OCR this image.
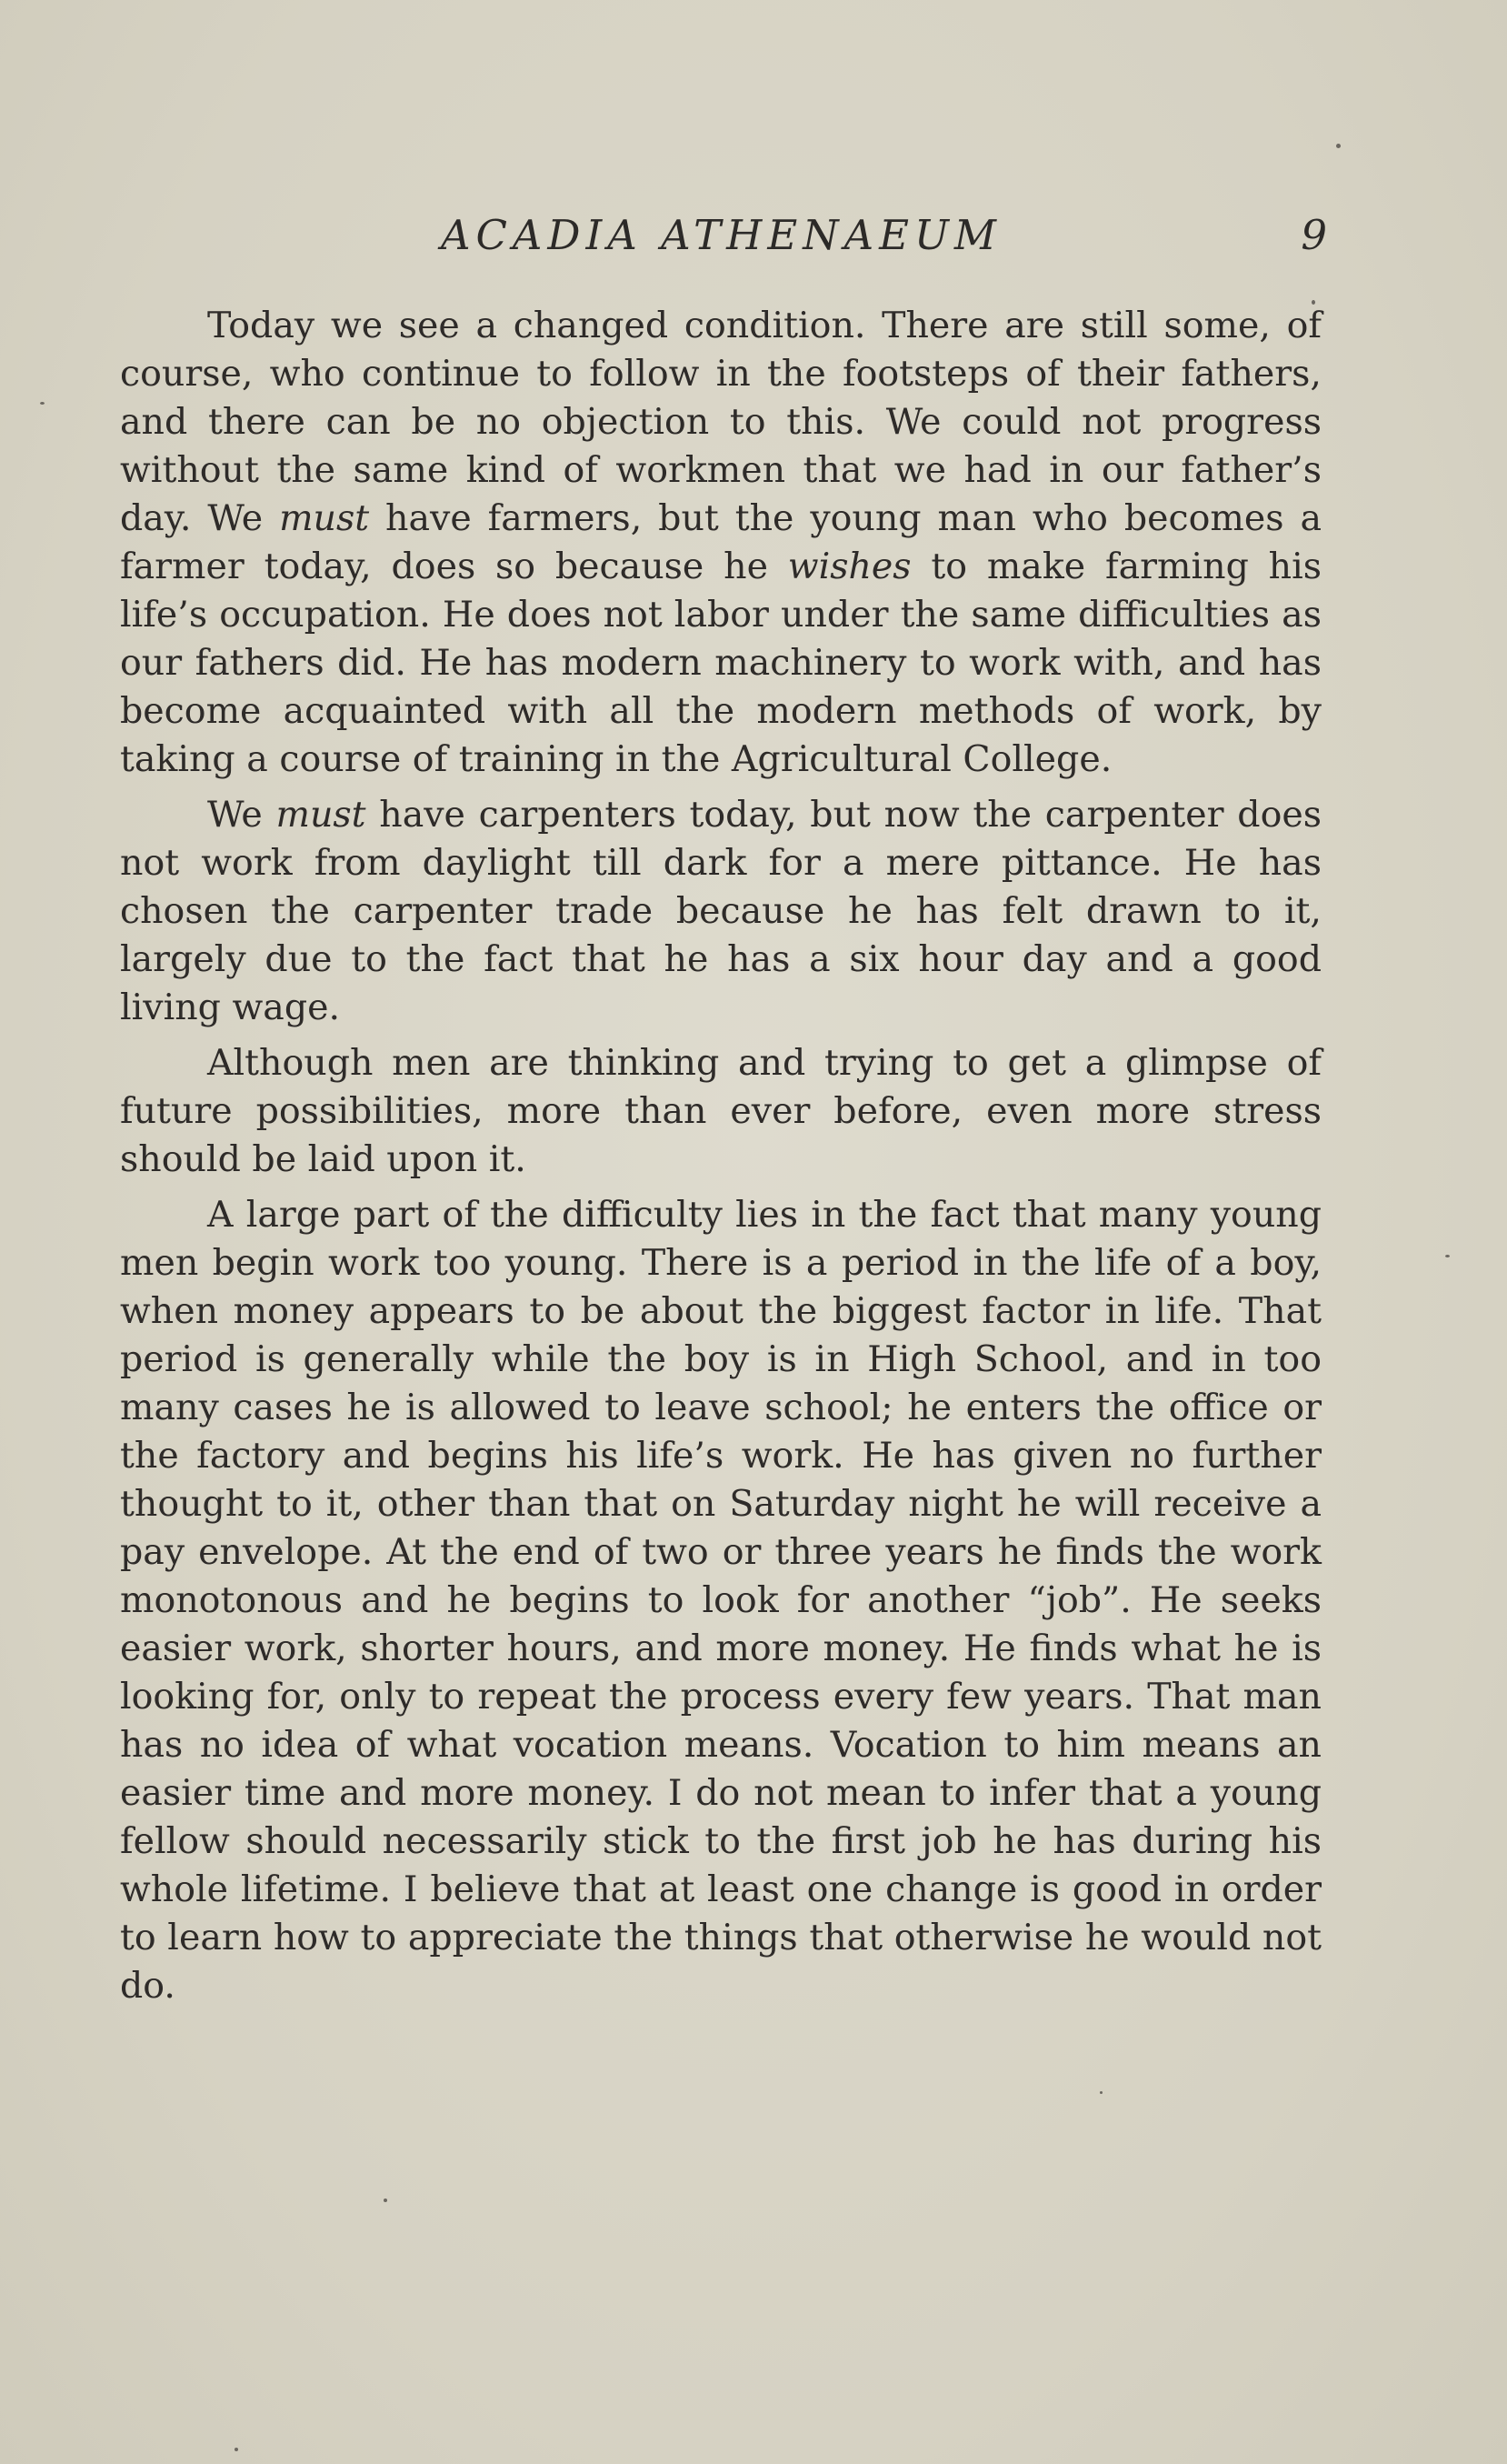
ACADIA ATHENAEUM	9

Today we see a changed condition. There are still some, of course, who continue to follow in the footsteps of their fathers, and there can be no objection to this. We could not progress without the same kind of workmen that we had in our father’s day. We must have farmers, but the young man who becomes a farmer today, does so because he wishes to make farming his life’s occupation. He does not labor under the same difficulties as our fathers did. He has modern machinery to work with, and has become acquainted with all the modern methods of work, by taking a course of training in the Agricultural College.

We must have carpenters today, but now the carpenter does not work from daylight till dark for a mere pittance. He has chosen the carpenter trade because he has felt drawn to it, largely due to the fact that he has a six hour day and a good living wage.

Although men are thinking and trying to get a glimpse of future possibilities, more than ever before, even more stress should be laid upon it.

A large part of the difficulty lies in the fact that many young men begin work too young. There is a period in the life of a boy, when money appears to be about the biggest factor in life. That period is generally while the boy is in High School, and in too many cases he is allowed to leave school; he enters the office or the factory and begins his life’s work. He has given no further thought to it, other than that on Saturday night he will receive a pay envelope. At the end of two or three years he finds the work monotonous and he begins to look for another “job”. He seeks easier work, shorter hours, and more money. He finds what he is looking for, only to repeat the process every few years. That man has no idea of what vocation means. Vocation to him means an easier time and more money. I do not mean to infer that a young fellow should necessarily stick to the first job he has during his whole lifetime. I believe that at least one change is good in order to learn how to appreciate the things that otherwise he would not do.
